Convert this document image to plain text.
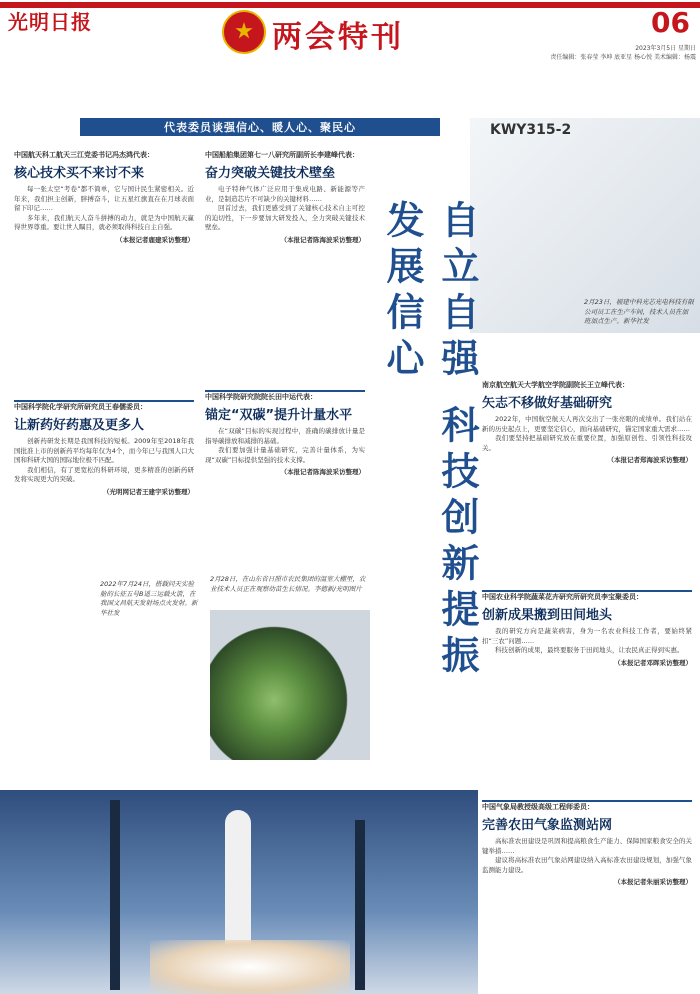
光明日报	两会特刊	06
2023年3月5日 星期日
责任编辑：张春莹 李坤 底亚星 杨心悦 美术编辑：杨震
KWY315-2
2月23日，福建中科光芯光电科技有限公司员工在生产车间，技术人员在加班加点生产。新华社发
代表委员谈强信心、暖人心、聚民心
自立自强 科技创新提振发展信心
中国航天科工航天三江党委书记冯杰鸿代表：
核心技术买不来讨不来

每一张太空“考卷”都不简单，它与国计民生紧密相关。近年来，我们担主创新，胖搏奋斗，让五星红旗直在在月球表面留下印记……

多年来，我们航天人奋斗拼搏的动力，就是为中国航天赢得世界尊重。要让世人瞩目，就必须取得科技自主自强。

（本报记者鹿建采访整理）
中国科学院化学研究所研究员王春儒委员：
让新药好药惠及更多人

创新药研发长期是我国科技的短板。2009年至2018年我国批准上市的创新药平均每年仅为4个，而今年已与我国人口大国和科研大国的国际地位极不匹配。

我们相信，有了更宽松的科研环境，更多精准的创新药研发将实现更大的突破。

（光明网记者王建宇采访整理）
2022年7月24日，搭载问天实验舱的长征五号B遥三运载火箭，在我国文昌航天发射场点火发射。新华社发
中国船舶集团第七一八研究所副所长李建峰代表：
奋力突破关键技术壁垒

电子特种气体广泛应用于集成电路、新能源等产业，是制造芯片不可缺少的关键材料……

回首过去，我们更感受到了关键核心技术自主可控的迫切性，下一步要加大研发投入，全力突破关键技术壁垒。

（本报记者陈海波采访整理）
中国科学院研究院院长田中运代表：
锚定“双碳”提升计量水平

在“双碳”目标的实现过程中，准确的碳排放计量是指导碳排放和减排的基础。

我们要加强计量基础研究，完善计量体系，为实现“双碳”目标提供坚强的技术支撑。

（本报记者陈海波采访整理）
2月28日，在山东省日照市农民集团的温室大棚里，农业技术人员正在观察幼苗生长情况。李德新/光明图片
南京航空航天大学航空学院副院长王立峰代表：
矢志不移做好基础研究

2022年，中国航空航天人再次交出了一张亮眼的成绩单。我们站在新的历史起点上，更要坚定信心，面向基础研究，锚定国家重大需求……

我们要坚持把基础研究放在重要位置，加强原创性、引领性科技攻关。

（本报记者郑海波采访整理）
中国农业科学院蔬菜花卉研究所研究员李宝聚委员：
创新成果搬到田间地头

我的研究方向是蔬菜病害，身为一名农业科技工作者，要始终紧扣“三农”问题……

科技创新的成果，最终要服务于田间地头，让农民真正得到实惠。

（本报记者邓晖采访整理）
中国气象局教授级高级工程师委员：
完善农田气象监测站网

高标准农田建设是巩固和提高粮食生产能力、保障国家粮食安全的关键举措……

建议将高标准农田气象站网建设纳入高标准农田建设规划，加强气象监测能力建设。

（本报记者朱丽采访整理）
